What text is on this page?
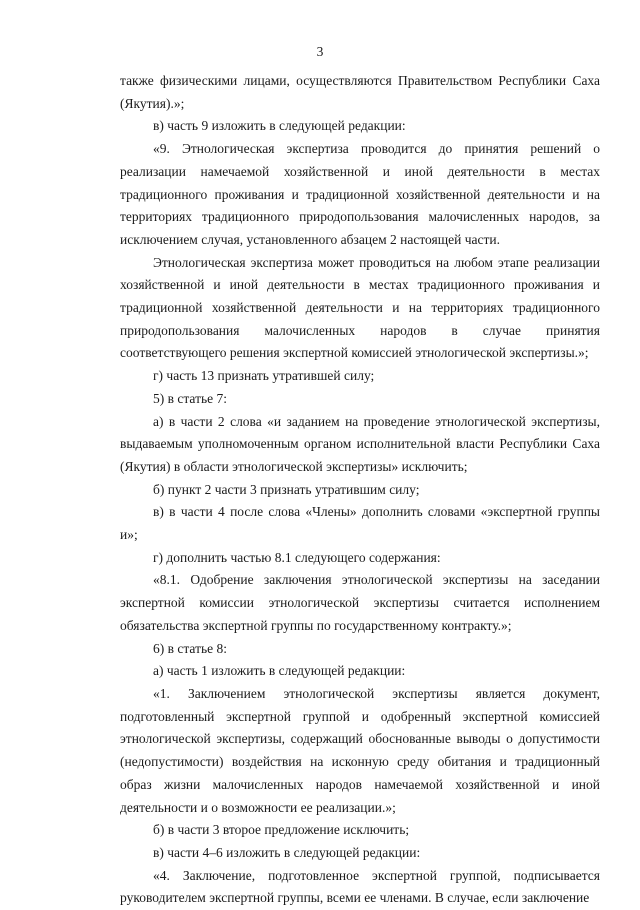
3

также физическими лицами, осуществляются Правительством Республики Саха (Якутия).»;

в) часть 9 изложить в следующей редакции:

«9. Этнологическая экспертиза проводится до принятия решений о реализации намечаемой хозяйственной и иной деятельности в местах традиционного проживания и традиционной хозяйственной деятельности и на территориях традиционного природопользования малочисленных народов, за исключением случая, установленного абзацем 2 настоящей части.

Этнологическая экспертиза может проводиться на любом этапе реализации хозяйственной и иной деятельности в местах традиционного проживания и традиционной хозяйственной деятельности и на территориях традиционного природопользования малочисленных народов в случае принятия соответствующего решения экспертной комиссией этнологической экспертизы.»;

г) часть 13 признать утратившей силу;

5) в статье 7:

а) в части 2 слова «и заданием на проведение этнологической экспертизы, выдаваемым уполномоченным органом исполнительной власти Республики Саха (Якутия) в области этнологической экспертизы» исключить;

б) пункт 2 части 3 признать утратившим силу;

в) в части 4 после слова «Члены» дополнить словами «экспертной группы и»;

г) дополнить частью 8.1 следующего содержания:

«8.1. Одобрение заключения этнологической экспертизы на заседании экспертной комиссии этнологической экспертизы считается исполнением обязательства экспертной группы по государственному контракту.»;

6) в статье 8:

а) часть 1 изложить в следующей редакции:

«1. Заключением этнологической экспертизы является документ, подготовленный экспертной группой и одобренный экспертной комиссией этнологической экспертизы, содержащий обоснованные выводы о допустимости (недопустимости) воздействия на исконную среду обитания и традиционный образ жизни малочисленных народов намечаемой хозяйственной и иной деятельности и о возможности ее реализации.»;

б) в части 3 второе предложение исключить;

в) части 4–6 изложить в следующей редакции:

«4. Заключение, подготовленное экспертной группой, подписывается руководителем экспертной группы, всеми ее членами. В случае, если заключение
